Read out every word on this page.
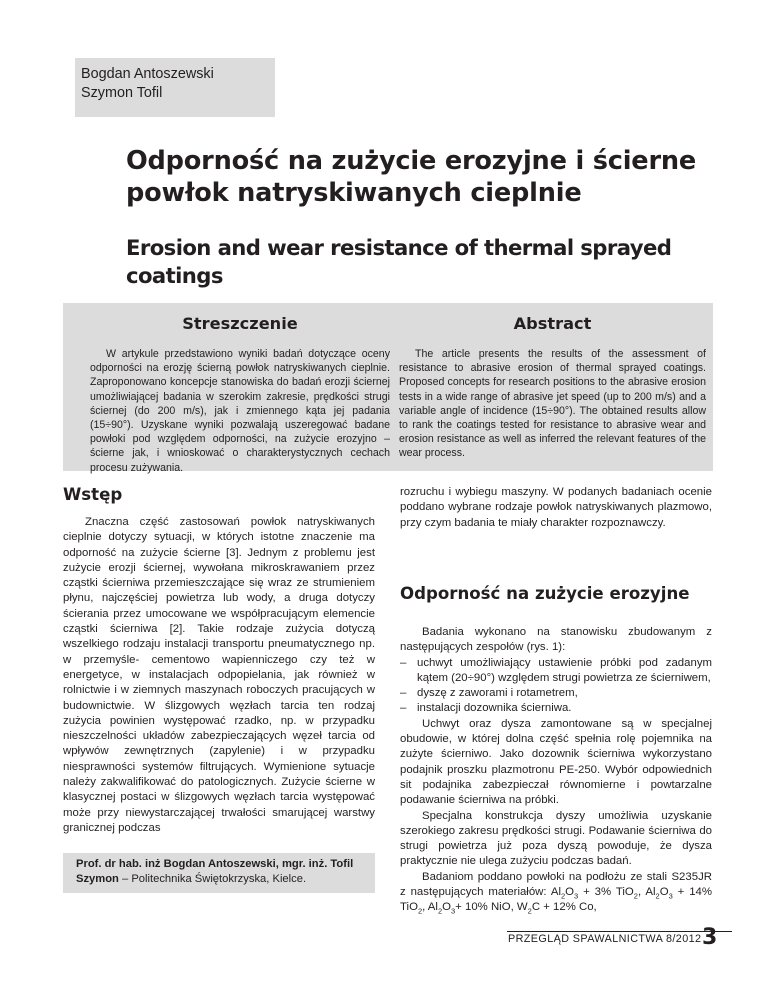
Bogdan Antoszewski
Szymon Tofil
Odporność na zużycie erozyjne i ścierne powłok natryskiwanych cieplnie
Erosion and wear resistance of thermal sprayed coatings
Streszczenie
W artykule przedstawiono wyniki badań dotyczące oceny odporności na erozję ścierną powłok natryskiwanych cieplnie. Zaproponowano koncepcje stanowiska do badań erozji ściernej umożliwiającej badania w szerokim zakresie, prędkości strugi ściernej (do 200 m/s), jak i zmiennego kąta jej padania (15÷90°). Uzyskane wyniki pozwalają uszeregować badane powłoki pod względem odporności, na zużycie erozyjno – ścierne jak, i wnioskować o charakterystycznych cechach procesu zużywania.
Abstract
The article presents the results of the assessment of resistance to abrasive erosion of thermal sprayed coatings. Proposed concepts for research positions to the abrasive erosion tests in a wide range of abrasive jet speed (up to 200 m/s) and a variable angle of incidence (15÷90°). The obtained results allow to rank the coatings tested for resistance to abrasive wear and erosion resistance as well as inferred the relevant features of the wear process.
Wstęp

Znaczna część zastosowań powłok natryskiwanych cieplnie dotyczy sytuacji, w których istotne znaczenie ma odporność na zużycie ścierne [3]. Jednym z problemu jest zużycie erozji ściernej, wywołana mikroskrawaniem przez cząstki ścierniwa przemieszczające się wraz ze strumieniem płynu, najczęściej powietrza lub wody, a druga dotyczy ścierania przez umocowane we współpracującym elemencie cząstki ścierniwa [2]. Takie rodzaje zużycia dotyczą wszelkiego rodzaju instalacji transportu pneumatycznego np. w przemyśle- cementowo wapienniczego czy też w energetyce, w instalacjach odpopielania, jak również w rolnictwie i w ziemnych maszynach roboczych pracujących w budownictwie. W ślizgowych węzłach tarcia ten rodzaj zużycia powinien występować rzadko, np. w przypadku nieszczelności układów zabezpieczających węzeł tarcia od wpływów zewnętrznych (zapylenie) i w przypadku niesprawności systemów filtrujących. Wymienione sytuacje należy zakwalifikować do patologicznych. Zużycie ścierne w klasycznej postaci w ślizgowych węzłach tarcia występować może przy niewystarczającej trwałości smarującej warstwy granicznej podczas

Prof. dr hab. inż Bogdan Antoszewski, mgr. inż. Tofil Szymon – Politechnika Świętokrzyska, Kielce.

rozruchu i wybiegu maszyny. W podanych badaniach ocenie poddano wybrane rodzaje powłok natryskiwanych plazmowo, przy czym badania te miały charakter rozpoznawczy.

Odporność na zużycie erozyjne

Badania wykonano na stanowisku zbudowanym z następujących zespołów (rys. 1):

– uchwyt umożliwiający ustawienie próbki pod zadanym kątem (20÷90°) względem strugi powietrza ze ścierniwem,
– dyszę z zaworami i rotametrem,
– instalacji dozownika ścierniwa.

Uchwyt oraz dysza zamontowane są w specjalnej obudowie, w której dolna część spełnia rolę pojemnika na zużyte ścierniwo. Jako dozownik ścierniwa wykorzystano podajnik proszku plazmotronu PE-250. Wybór odpowiednich sit podajnika zabezpieczał równomierne i powtarzalne podawanie ścierniwa na próbki.

Specjalna konstrukcja dyszy umożliwia uzyskanie szerokiego zakresu prędkości strugi. Podawanie ścierniwa do strugi powietrza już poza dyszą powoduje, że dysza praktycznie nie ulega zużyciu podczas badań.

Badaniom poddano powłoki na podłożu ze stali S235JR z następujących materiałów: $Al_2O_3 + 3\%$ TiO$_2$, $Al_2O_3 + 14\%$ TiO$_2$, $Al_2O_3+ 10\%$ NiO, $W_2C + 12\%$ Co,

PRZEGLĄD SPAWALNICTWA 8/2012 3
